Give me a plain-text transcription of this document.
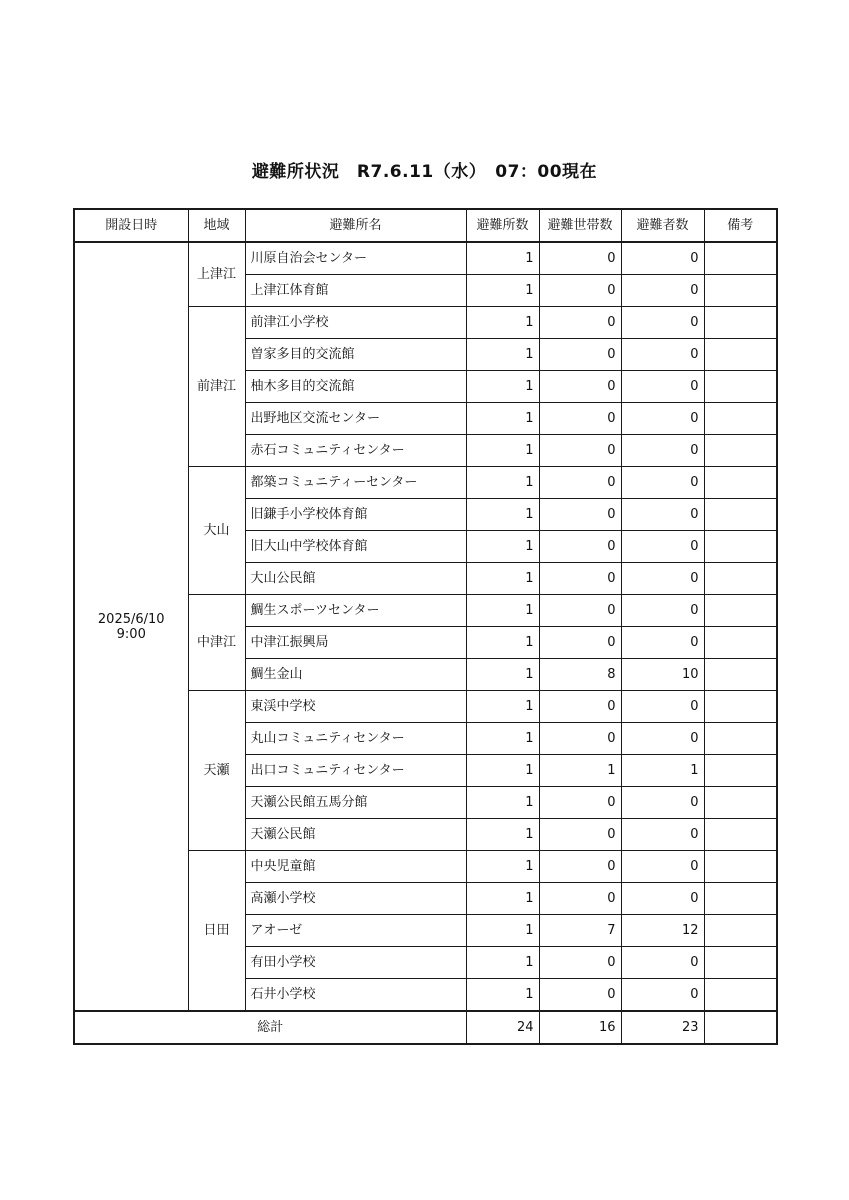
避難所状況　R7.6.11（水）　07：00現在
開設日時	地域	避難所名	避難所数	避難世帯数	避難者数	備考

2025/6/10
9:00	上津江	川原自治会センター	1	0	0	
		上津江体育館	1	0	0	
	前津江	前津江小学校	1	0	0	
		曽家多目的交流館	1	0	0	
		柚木多目的交流館	1	0	0	
		出野地区交流センター	1	0	0	
		赤石コミュニティセンター	1	0	0	
	大山	都築コミュニティーセンター	1	0	0	
		旧鎌手小学校体育館	1	0	0	
		旧大山中学校体育館	1	0	0	
		大山公民館	1	0	0	
	中津江	鯛生スポーツセンター	1	0	0	
		中津江振興局	1	0	0	
		鯛生金山	1	8	10	
	天瀬	東渓中学校	1	0	0	
		丸山コミュニティセンター	1	0	0	
		出口コミュニティセンター	1	1	1	
		天瀬公民館五馬分館	1	0	0	
		天瀬公民館	1	0	0	
	日田	中央児童館	1	0	0	
		高瀬小学校	1	0	0	
		アオーゼ	1	7	12	
		有田小学校	1	0	0	
		石井小学校	1	0	0	
総計			24	16	23	
